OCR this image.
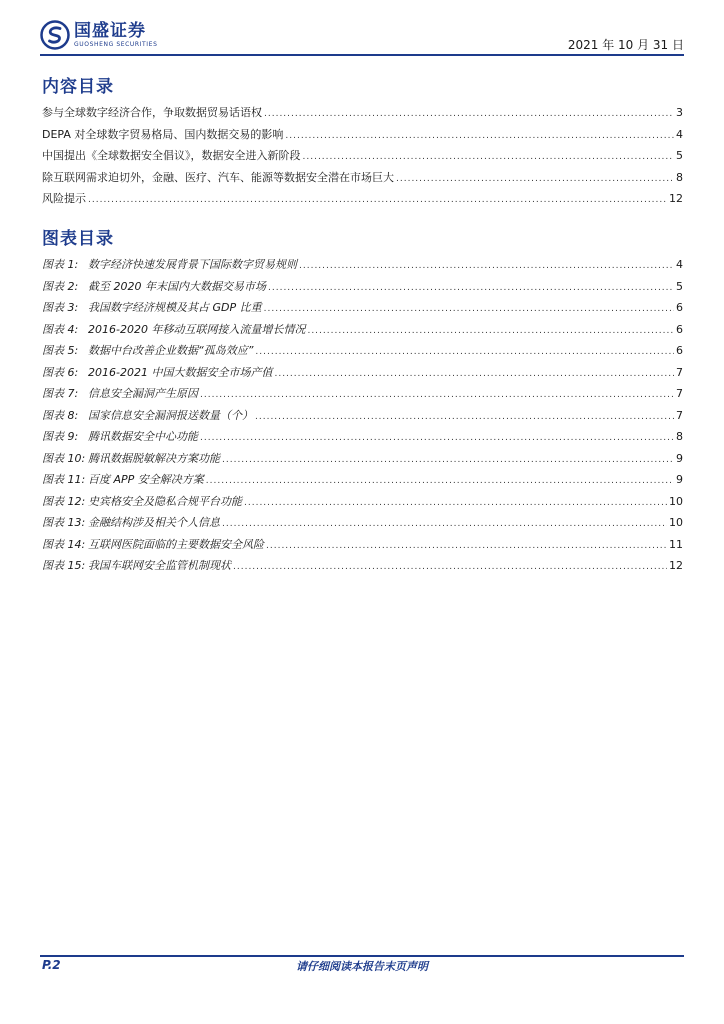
国盛证券
GUOSHENG SECURITIES	2021 年 10 月 31 日
内容目录
参与全球数字经济合作，争取数据贸易话语权 .....	3
DEPA 对全球数字贸易格局、国内数据交易的影响 .....	4
中国提出《全球数据安全倡议》，数据安全进入新阶段 .....	5
除互联网需求迫切外，金融、医疗、汽车、能源等数据安全潜在市场巨大 .....	8
风险提示 .....	12
图表目录
图表 1: 数字经济快速发展背景下国际数字贸易规则 .....	4
图表 2: 截至 2020 年末国内大数据交易市场 .....	5
图表 3: 我国数字经济规模及其占 GDP 比重 .....	6
图表 4: 2016-2020 年移动互联网接入流量增长情况 .....	6
图表 5: 数据中台改善企业数据“孤岛效应” .....	6
图表 6: 2016-2021 中国大数据安全市场产值 .....	7
图表 7: 信息安全漏洞产生原因 .....	7
图表 8: 国家信息安全漏洞报送数量（个） .....	7
图表 9: 腾讯数据安全中心功能 .....	8
图表 10: 腾讯数据脱敏解决方案功能 .....	9
图表 11: 百度 APP 安全解决方案 .....	9
图表 12: 史宾格安全及隐私合规平台功能 .....	10
图表 13: 金融结构涉及相关个人信息 .....	10
图表 14: 互联网医院面临的主要数据安全风险 .....	11
图表 15: 我国车联网安全监管机制现状 .....	12
请仔细阅读本报告末页声明
P.2
